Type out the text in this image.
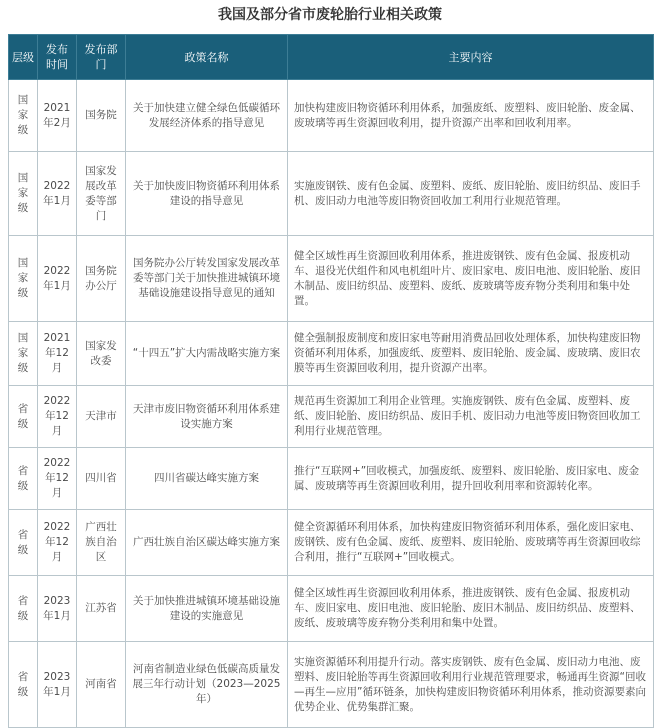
我国及部分省市废轮胎行业相关政策
层级	发布时间	发布部门	政策名称	主要内容
国家级	2021年2月	国务院	关于加快建立健全绿色低碳循环发展经济体系的指导意见	加快构建废旧物资循环利用体系，加强废纸、废塑料、废旧轮胎、废金属、废玻璃等再生资源回收利用，提升资源产出率和回收利用率。
国家级	2022年1月	国家发展改革委等部门	关于加快废旧物资循环利用体系建设的指导意见	实施废钢铁、废有色金属、废塑料、废纸、废旧轮胎、废旧纺织品、废旧手机、废旧动力电池等废旧物资回收加工利用行业规范管理。
国家级	2022年1月	国务院办公厅	国务院办公厅转发国家发展改革委等部门关于加快推进城镇环境基础设施建设指导意见的通知	健全区域性再生资源回收利用体系，推进废钢铁、废有色金属、报废机动车、退役光伏组件和风电机组叶片、废旧家电、废旧电池、废旧轮胎、废旧木制品、废旧纺织品、废塑料、废纸、废玻璃等废弃物分类利用和集中处置。
国家级	2021年12月	国家发改委	“十四五”扩大内需战略实施方案	健全强制报废制度和废旧家电等耐用消费品回收处理体系，加快构建废旧物资循环利用体系，加强废纸、废塑料、废旧轮胎、废金属、废玻璃、废旧农膜等再生资源回收利用，提升资源产出率。
省级	2022年12月	天津市	天津市废旧物资循环利用体系建设实施方案	规范再生资源加工利用企业管理。实施废钢铁、废有色金属、废塑料、废纸、废旧轮胎、废旧纺织品、废旧手机、废旧动力电池等废旧物资回收加工利用行业规范管理。
省级	2022年12月	四川省	四川省碳达峰实施方案	推行“互联网+”回收模式，加强废纸、废塑料、废旧轮胎、废旧家电、废金属、废玻璃等再生资源回收利用，提升回收利用率和资源转化率。
省级	2022年12月	广西壮族自治区	广西壮族自治区碳达峰实施方案	健全资源循环利用体系，加快构建废旧物资循环利用体系，强化废旧家电、废钢铁、废有色金属、废纸、废塑料、废旧轮胎、废玻璃等再生资源回收综合利用，推行“互联网+”回收模式。
省级	2023年1月	江苏省	关于加快推进城镇环境基础设施建设的实施意见	健全区域性再生资源回收利用体系，推进废钢铁、废有色金属、报废机动车、废旧家电、废旧电池、废旧轮胎、废旧木制品、废旧纺织品、废塑料、废纸、废玻璃等废弃物分类利用和集中处置。
省级	2023年1月	河南省	河南省制造业绿色低碳高质量发展三年行动计划（2023—2025年）	实施资源循环利用提升行动。落实废钢铁、废有色金属、废旧动力电池、废塑料、废旧轮胎等再生资源回收利用行业规范管理要求，畅通再生资源“回收—再生—应用”循环链条，加快构建废旧物资循环利用体系，推动资源要素向优势企业、优势集群汇聚。
